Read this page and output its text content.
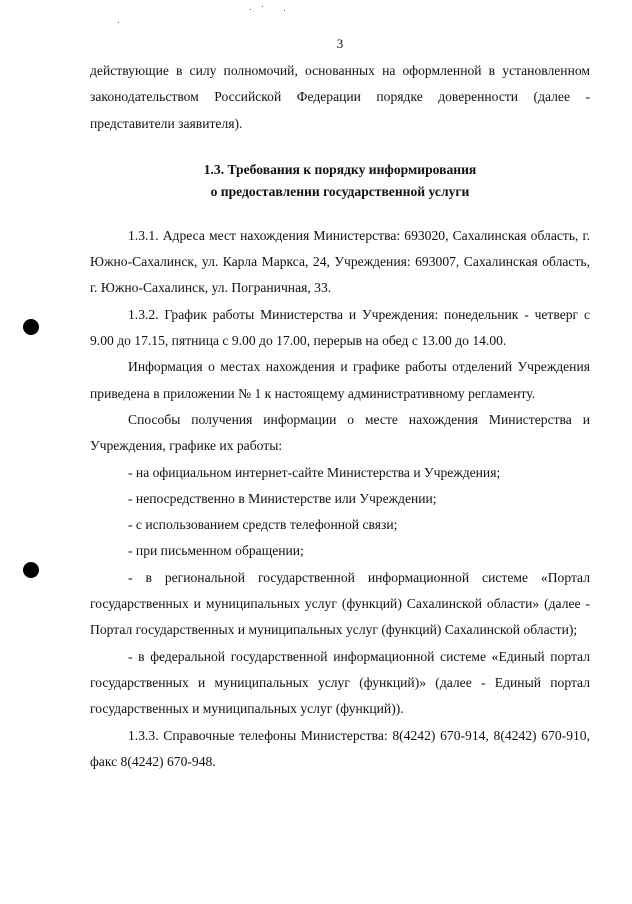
3

действующие в силу полномочий, основанных на оформленной в установленном законодательством Российской Федерации порядке доверенности (далее - представители заявителя).

1.3. Требования к порядку информирования
о предоставлении государственной услуги

1.3.1. Адреса мест нахождения Министерства: 693020, Сахалинская область, г. Южно-Сахалинск, ул. Карла Маркса, 24, Учреждения: 693007, Сахалинская область, г. Южно-Сахалинск, ул. Пограничная, 33.

1.3.2. График работы Министерства и Учреждения: понедельник - четверг с 9.00 до 17.15, пятница с 9.00 до 17.00, перерыв на обед с 13.00 до 14.00.

Информация о местах нахождения и графике работы отделений Учреждения приведена в приложении № 1 к настоящему административному регламенту.

Способы получения информации о месте нахождения Министерства и Учреждения, графике их работы:

- на официальном интернет-сайте Министерства и Учреждения;

- непосредственно в Министерстве или Учреждении;

- с использованием средств телефонной связи;

- при письменном обращении;

- в региональной государственной информационной системе «Портал государственных и муниципальных услуг (функций) Сахалинской области» (далее - Портал государственных и муниципальных услуг (функций) Сахалинской области);

- в федеральной государственной информационной системе «Единый портал государственных и муниципальных услуг (функций)» (далее - Единый портал государственных и муниципальных услуг (функций)).

1.3.3. Справочные телефоны Министерства: 8(4242) 670-914, 8(4242) 670-910, факс 8(4242) 670-948.
